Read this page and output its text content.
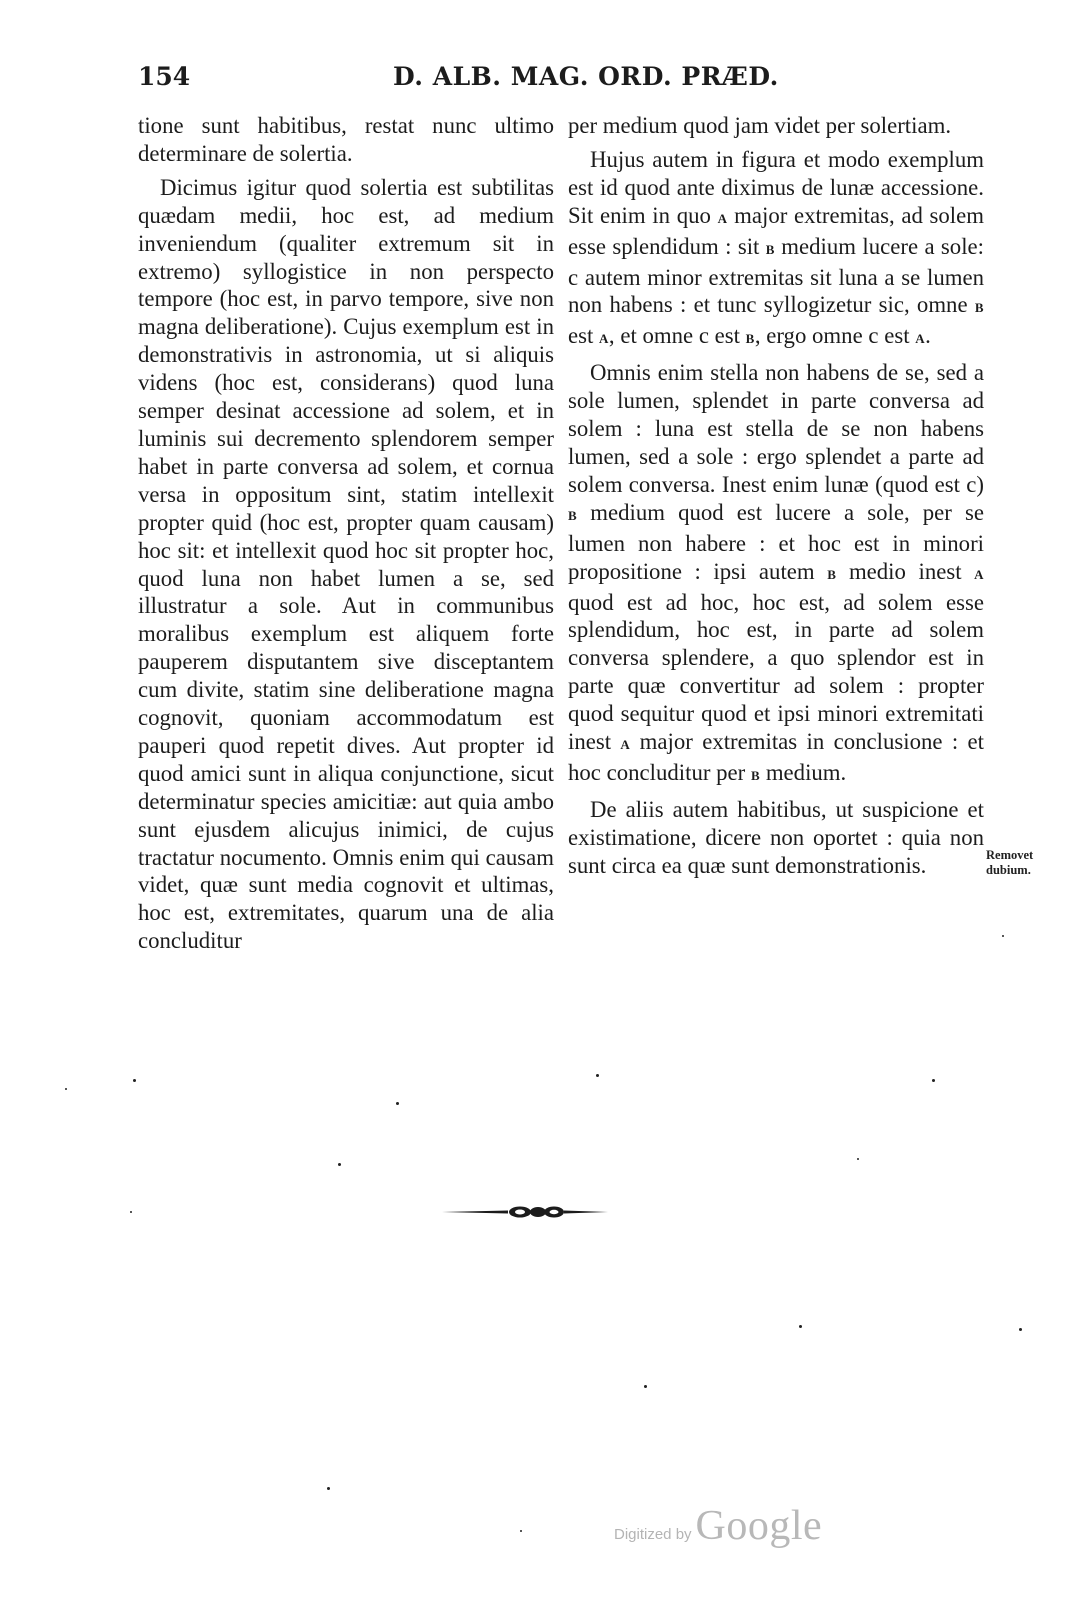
154	D. ALB. MAG. ORD. PRÆD.

tione sunt habitibus, restat nunc ultimo determinare de solertia.

Dicimus igitur quod solertia est subtilitas quædam medii, hoc est, ad medium inveniendum (qualiter extremum sit in extremo) syllogistice in non perspecto tempore (hoc est, in parvo tempore, sive non magna deliberatione). Cujus exemplum est in demonstrativis in astronomia, ut si aliquis videns (hoc est, considerans) quod luna semper desinat accessione ad solem, et in luminis sui decremento splendorem semper habet in parte conversa ad solem, et cornua versa in oppositum sint, statim intellexit propter quid (hoc est, propter quam causam) hoc sit: et intellexit quod hoc sit propter hoc, quod luna non habet lumen a se, sed illustratur a sole. Aut in communibus moralibus exemplum est aliquem forte pauperem disputantem sive disceptantem cum divite, statim sine deliberatione magna cognovit, quoniam accommodatum est pauperi quod repetit dives. Aut propter id quod amici sunt in aliqua conjunctione, sicut determinatur species amicitiæ: aut quia ambo sunt ejusdem alicujus inimici, de cujus tractatur nocumento. Omnis enim qui causam videt, quæ sunt media cognovit et ultimas, hoc est, extremitates, quarum una de alia concluditur

per medium quod jam videt per solertiam.

Hujus autem in figura et modo exemplum est id quod ante diximus de lunæ accessione. Sit enim in quo A major extremitas, ad solem esse splendidum : sit B medium lucere a sole: c autem minor extremitas sit luna a se lumen non habens : et tunc syllogizetur sic, omne B est A, et omne c est B, ergo omne c est A.

Omnis enim stella non habens de se, sed a sole lumen, splendet in parte conversa ad solem : luna est stella de se non habens lumen, sed a sole : ergo splendet a parte ad solem conversa. Inest enim lunæ (quod est c) B medium quod est lucere a sole, per se lumen non habere : et hoc est in minori propositione : ipsi autem B medio inest A quod est ad hoc, hoc est, ad solem esse splendidum, hoc est, in parte ad solem conversa splendere, a quo splendor est in parte quæ convertitur ad solem : propter quod sequitur quod et ipsi minori extremitati inest A major extremitas in conclusione : et hoc concluditur per B medium.

De aliis autem habitibus, ut suspicione et existimatione, dicere non oportet : quia non sunt circa ea quæ sunt demonstrationis.	Removet
dubium.
Digitized by Google
